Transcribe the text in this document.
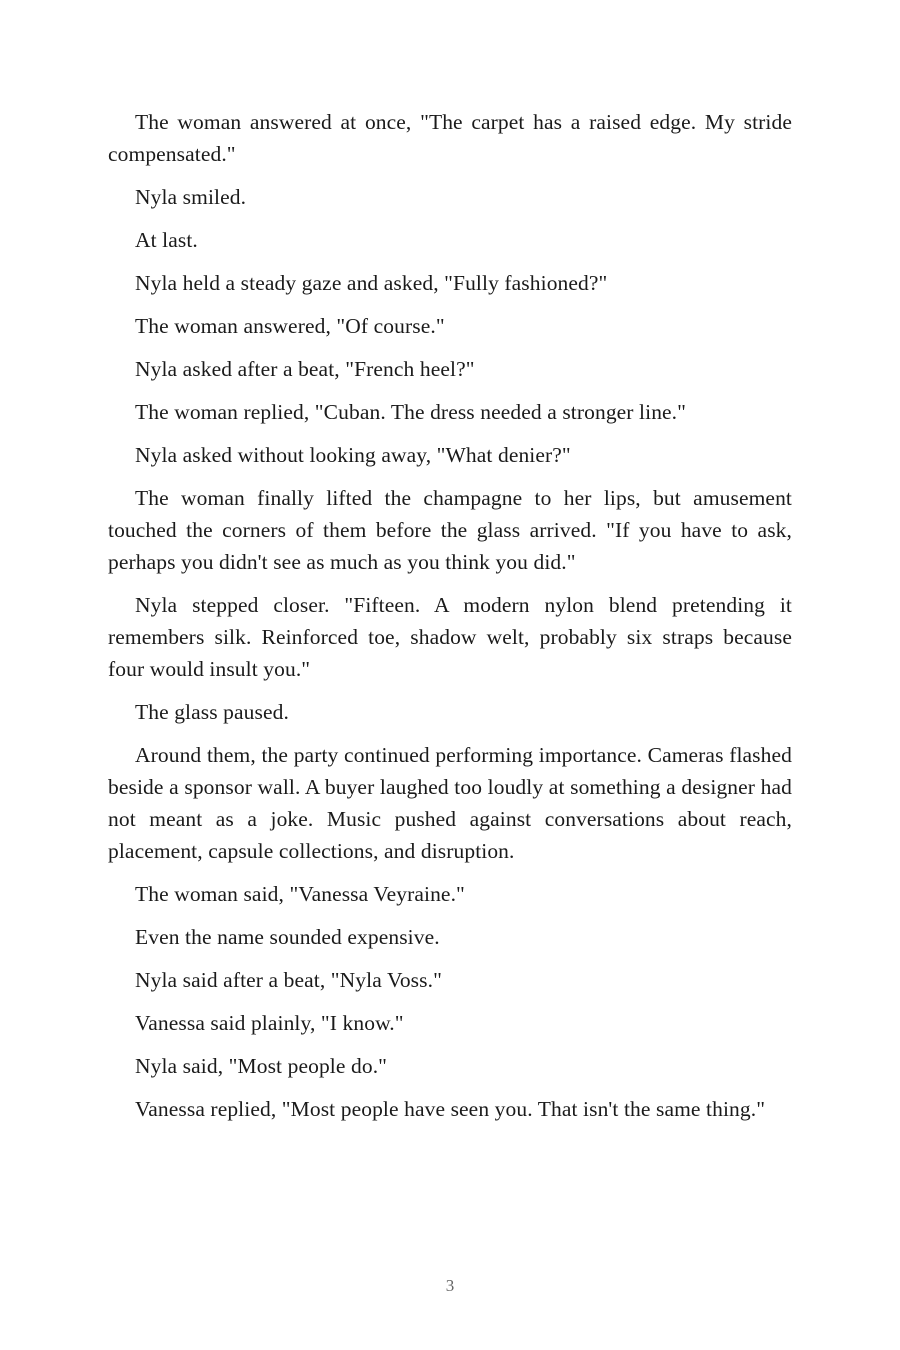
The woman answered at once, "The carpet has a raised edge. My stride compensated."

Nyla smiled.

At last.

Nyla held a steady gaze and asked, "Fully fashioned?"

The woman answered, "Of course."

Nyla asked after a beat, "French heel?"

The woman replied, "Cuban. The dress needed a stronger line."

Nyla asked without looking away, "What denier?"

The woman finally lifted the champagne to her lips, but amusement touched the corners of them before the glass arrived. "If you have to ask, perhaps you didn't see as much as you think you did."

Nyla stepped closer. "Fifteen. A modern nylon blend pretending it remembers silk. Reinforced toe, shadow welt, probably six straps because four would insult you."

The glass paused.

Around them, the party continued performing importance. Cameras flashed beside a sponsor wall. A buyer laughed too loudly at something a designer had not meant as a joke. Music pushed against conversations about reach, placement, capsule collections, and disruption.

The woman said, "Vanessa Veyraine."

Even the name sounded expensive.

Nyla said after a beat, "Nyla Voss."

Vanessa said plainly, "I know."

Nyla said, "Most people do."

Vanessa replied, "Most people have seen you. That isn't the same thing."

3
